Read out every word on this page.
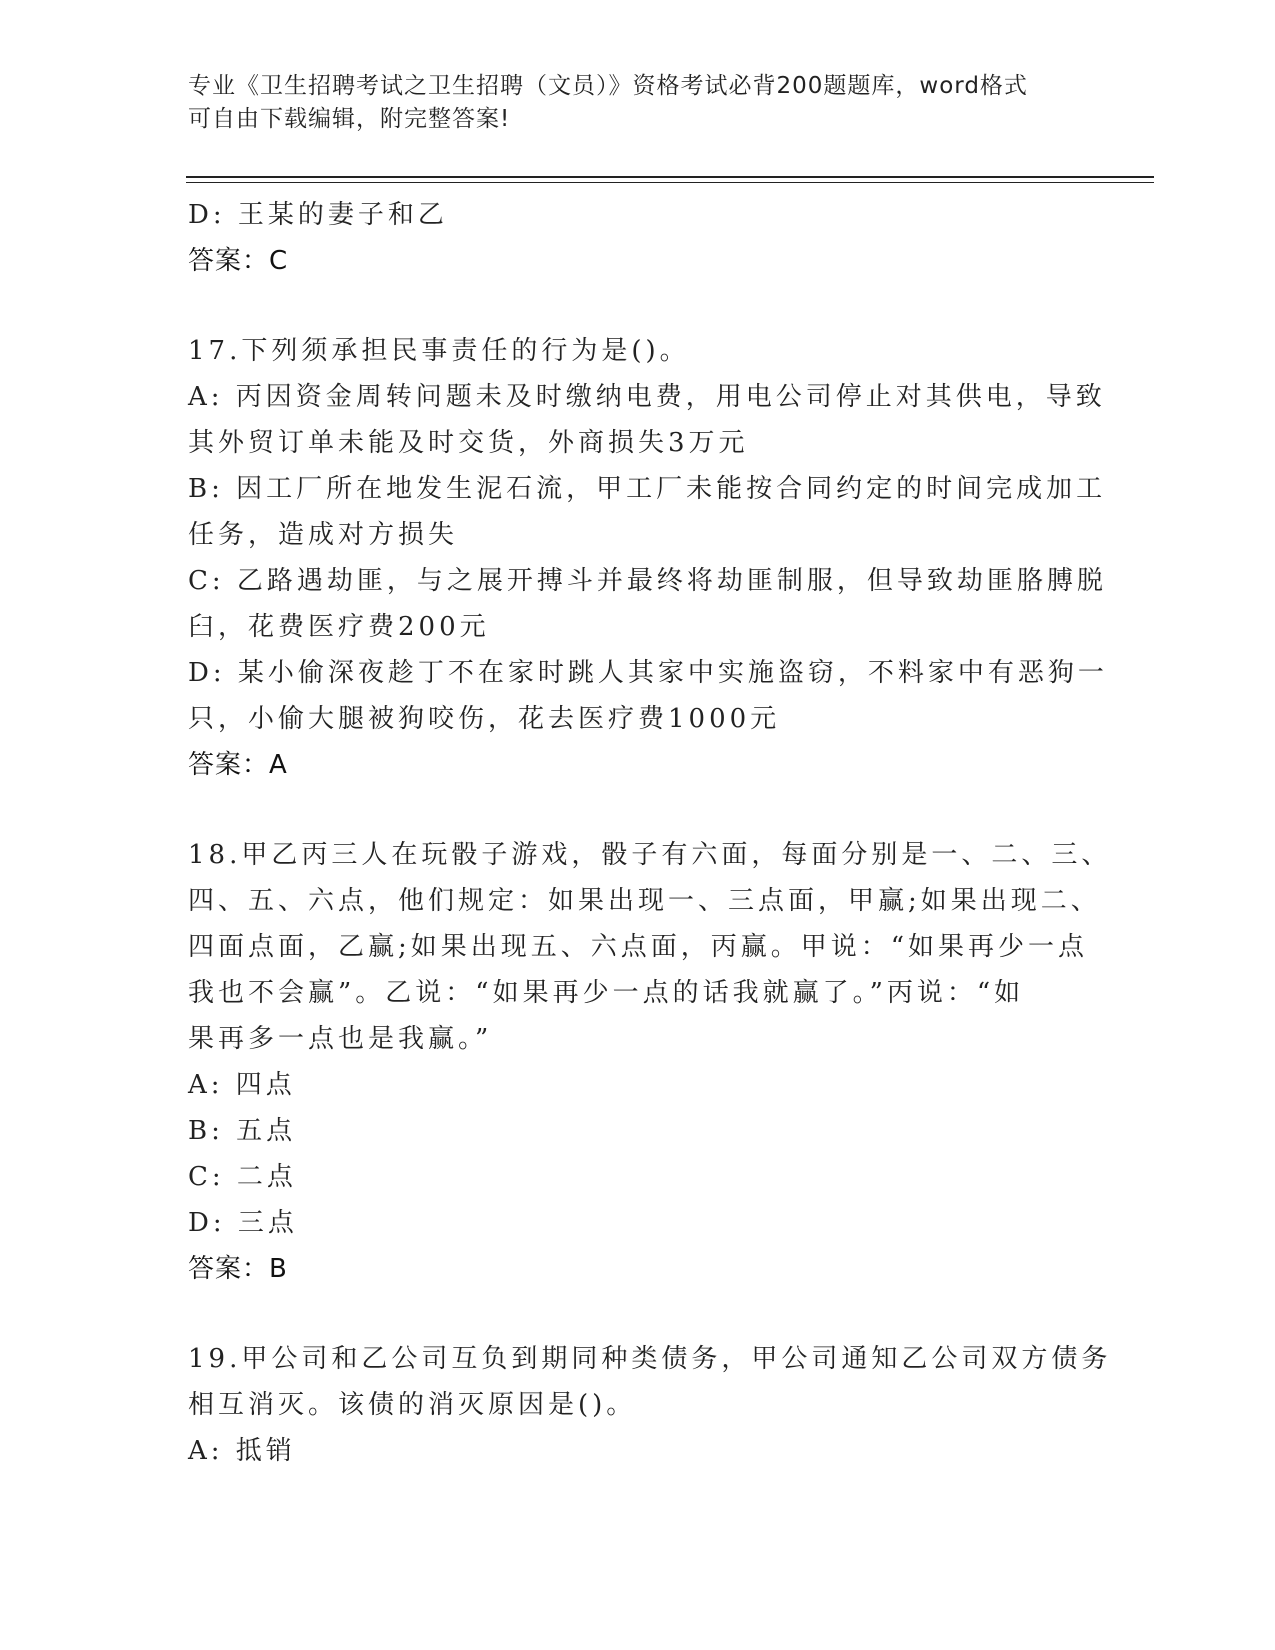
专业《卫生招聘考试之卫生招聘（文员）》资格考试必背200题题库，word格式
可自由下载编辑，附完整答案!
D: 王某的妻子和乙
答案：C
17.下列须承担民事责任的行为是()。
A: 丙因资金周转问题未及时缴纳电费，用电公司停止对其供电，导致
其外贸订单未能及时交货，外商损失3万元
B: 因工厂所在地发生泥石流，甲工厂未能按合同约定的时间完成加工
任务，造成对方损失
C: 乙路遇劫匪，与之展开搏斗并最终将劫匪制服，但导致劫匪胳膊脱
臼，花费医疗费200元
D: 某小偷深夜趁丁不在家时跳人其家中实施盗窃，不料家中有恶狗一
只，小偷大腿被狗咬伤，花去医疗费1000元
答案：A
18.甲乙丙三人在玩骰子游戏，骰子有六面，每面分别是一、二、三、
四、五、六点，他们规定：如果出现一、三点面，甲赢;如果出现二、
四面点面，乙赢;如果出现五、六点面，丙赢。甲说：“如果再少一点
我也不会赢”。乙说：“如果再少一点的话我就赢了。”丙说：“如
果再多一点也是我赢。”
A: 四点
B: 五点
C: 二点
D: 三点
答案：B
19.甲公司和乙公司互负到期同种类债务，甲公司通知乙公司双方债务
相互消灭。该债的消灭原因是()。
A: 抵销
